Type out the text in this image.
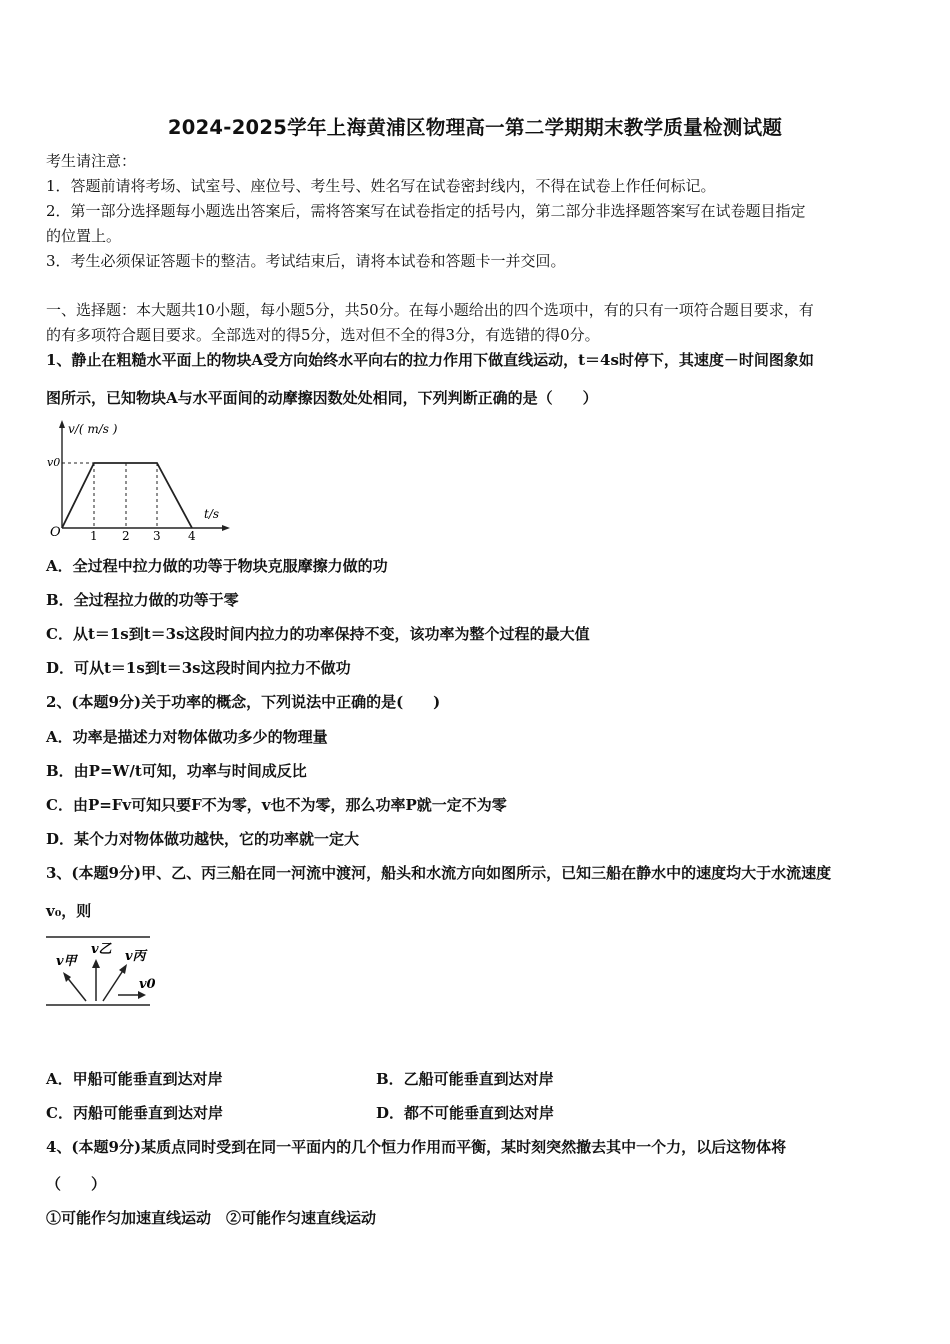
2024-2025学年上海黄浦区物理高一第二学期期末教学质量检测试题
考生请注意：
1．答题前请将考场、试室号、座位号、考生号、姓名写在试卷密封线内，不得在试卷上作任何标记。
2．第一部分选择题每小题选出答案后，需将答案写在试卷指定的括号内，第二部分非选择题答案写在试卷题目指定
的位置上。
3．考生必须保证答题卡的整洁。考试结束后，请将本试卷和答题卡一并交回。
一、选择题：本大题共10小题，每小题5分，共50分。在每小题给出的四个选项中，有的只有一项符合题目要求，有
的有多项符合题目要求。全部选对的得5分，选对但不全的得3分，有选错的得0分。
1、静止在粗糙水平面上的物块A受方向始终水平向右的拉力作用下做直线运动，t＝4s时停下，其速度－时间图象如
图所示，已知物块A与水平面间的动摩擦因数处处相同，下列判断正确的是（　　）
v/( m/s )
v0
O
t/s
1 2 3 4
A．全过程中拉力做的功等于物块克服摩擦力做的功
B．全过程拉力做的功等于零
C．从t＝1s到t＝3s这段时间内拉力的功率保持不变，该功率为整个过程的最大值
D．可从t＝1s到t＝3s这段时间内拉力不做功
2、(本题9分)关于功率的概念，下列说法中正确的是(　　)
A．功率是描述力对物体做功多少的物理量
B．由P=W/t可知，功率与时间成反比
C．由P=Fv可知只要F不为零，v也不为零，那么功率P就一定不为零
D．某个力对物体做功越快，它的功率就一定大
3、(本题9分)甲、乙、丙三船在同一河流中渡河，船头和水流方向如图所示，已知三船在静水中的速度均大于水流速度
v₀，则
v甲
v乙 v丙
v0
A．甲船可能垂直到达对岸	B．乙船可能垂直到达对岸
C．丙船可能垂直到达对岸	D．都不可能垂直到达对岸
4、(本题9分)某质点同时受到在同一平面内的几个恒力作用而平衡，某时刻突然撤去其中一个力，以后这物体将
（　　）
①可能作匀加速直线运动　②可能作匀速直线运动
